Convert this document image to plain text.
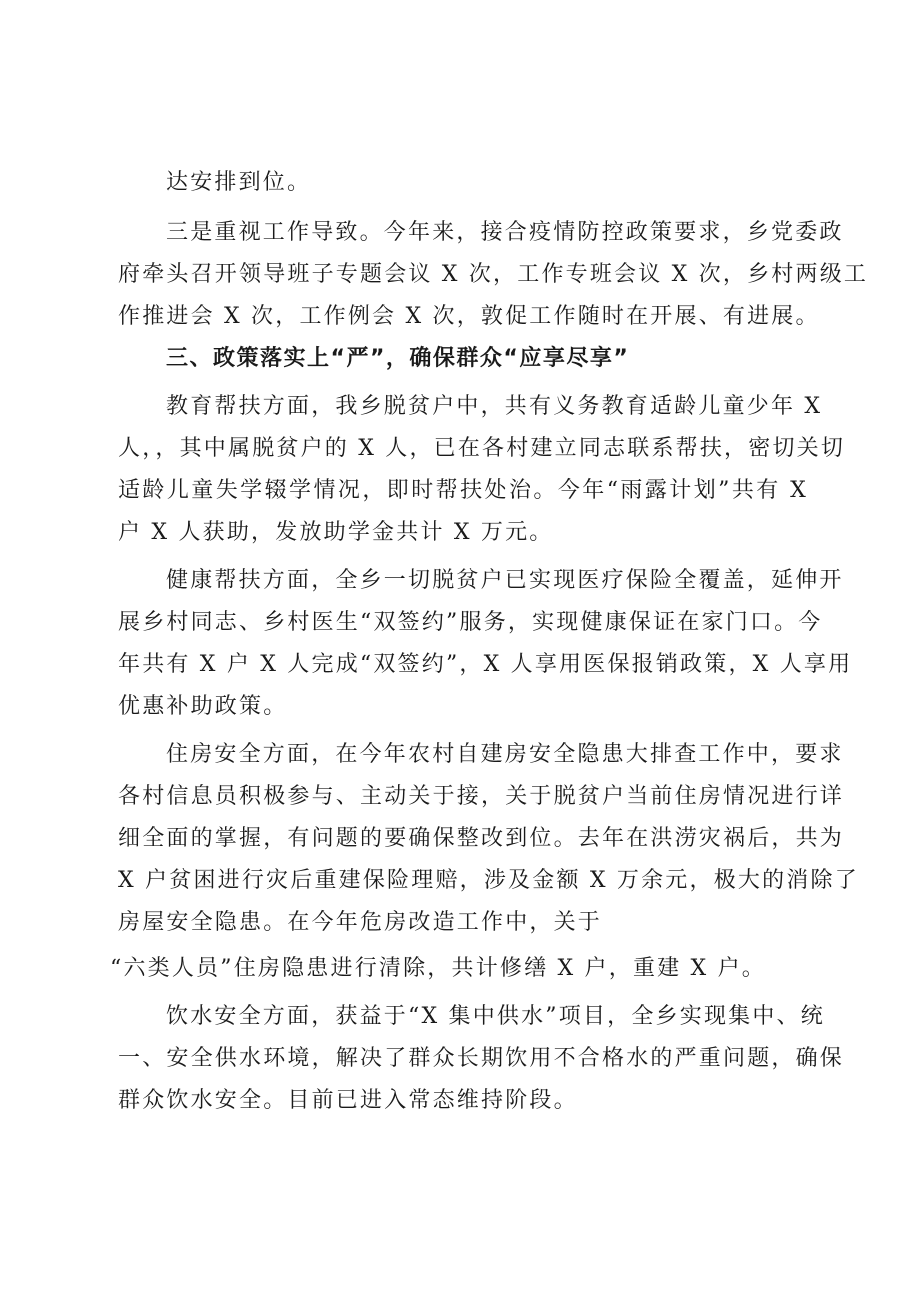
达安排到位。
三是重视工作导致。今年来，接合疫情防控政策要求，乡党委政
府牵头召开领导班子专题会议 X 次，工作专班会议 X 次，乡村两级工
作推进会 X 次，工作例会 X 次，敦促工作随时在开展、有进展。
三、政策落实上“严”，确保群众“应享尽享”
教育帮扶方面，我乡脱贫户中，共有义务教育适龄儿童少年 X
人，，其中属脱贫户的 X 人，已在各村建立同志联系帮扶，密切关切
适龄儿童失学辍学情况，即时帮扶处治。今年“雨露计划”共有 X
户 X 人获助，发放助学金共计 X 万元。
健康帮扶方面，全乡一切脱贫户已实现医疗保险全覆盖，延伸开
展乡村同志、乡村医生“双签约”服务，实现健康保证在家门口。今
年共有 X 户 X 人完成“双签约”，X 人享用医保报销政策，X 人享用
优惠补助政策。
住房安全方面，在今年农村自建房安全隐患大排查工作中，要求
各村信息员积极参与、主动关于接，关于脱贫户当前住房情况进行详
细全面的掌握，有问题的要确保整改到位。去年在洪涝灾祸后，共为
X 户贫困进行灾后重建保险理赔，涉及金额 X 万余元，极大的消除了
房屋安全隐患。在今年危房改造工作中，关于
“六类人员”住房隐患进行清除，共计修缮 X 户，重建 X 户。
饮水安全方面，获益于“X 集中供水”项目，全乡实现集中、统
一、安全供水环境，解决了群众长期饮用不合格水的严重问题，确保
群众饮水安全。目前已进入常态维持阶段。
